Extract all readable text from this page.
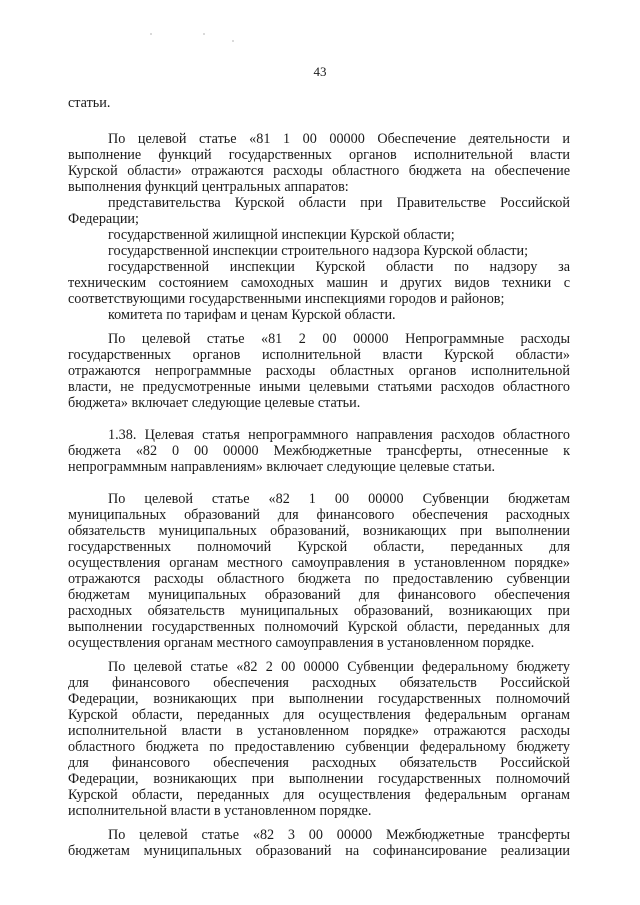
43
статьи.
По целевой статье «81 1 00 00000 Обеспечение деятельности и
выполнение функций государственных органов исполнительной власти
Курской области» отражаются расходы областного бюджета на обеспечение
выполнения функций центральных аппаратов:
представительства Курской области при Правительстве Российской
Федерации;
государственной жилищной инспекции Курской области;
государственной инспекции строительного надзора Курской области;
государственной инспекции Курской области по надзору за
техническим состоянием самоходных машин и других видов техники с
соответствующими государственными инспекциями городов и районов;
комитета по тарифам и ценам Курской области.
По целевой статье «81 2 00 00000 Непрограммные расходы
государственных органов исполнительной власти Курской области»
отражаются непрограммные расходы областных органов исполнительной
власти, не предусмотренные иными целевыми статьями расходов областного
бюджета» включает следующие целевые статьи.
1.38. Целевая статья непрограммного направления расходов областного
бюджета «82 0 00 00000 Межбюджетные трансферты, отнесенные к
непрограммным направлениям» включает следующие целевые статьи.
По целевой статье «82 1 00 00000 Субвенции бюджетам
муниципальных образований для финансового обеспечения расходных
обязательств муниципальных образований, возникающих при выполнении
государственных полномочий Курской области, переданных для
осуществления органам местного самоуправления в установленном порядке»
отражаются расходы областного бюджета по предоставлению субвенции
бюджетам муниципальных образований для финансового обеспечения
расходных обязательств муниципальных образований, возникающих при
выполнении государственных полномочий Курской области, переданных для
осуществления органам местного самоуправления в установленном порядке.
По целевой статье «82 2 00 00000 Субвенции федеральному бюджету
для финансового обеспечения расходных обязательств Российской
Федерации, возникающих при выполнении государственных полномочий
Курской области, переданных для осуществления федеральным органам
исполнительной власти в установленном порядке» отражаются расходы
областного бюджета по предоставлению субвенции федеральному бюджету
для финансового обеспечения расходных обязательств Российской
Федерации, возникающих при выполнении государственных полномочий
Курской области, переданных для осуществления федеральным органам
исполнительной власти в установленном порядке.
По целевой статье «82 3 00 00000 Межбюджетные трансферты
бюджетам муниципальных образований на софинансирование реализации
